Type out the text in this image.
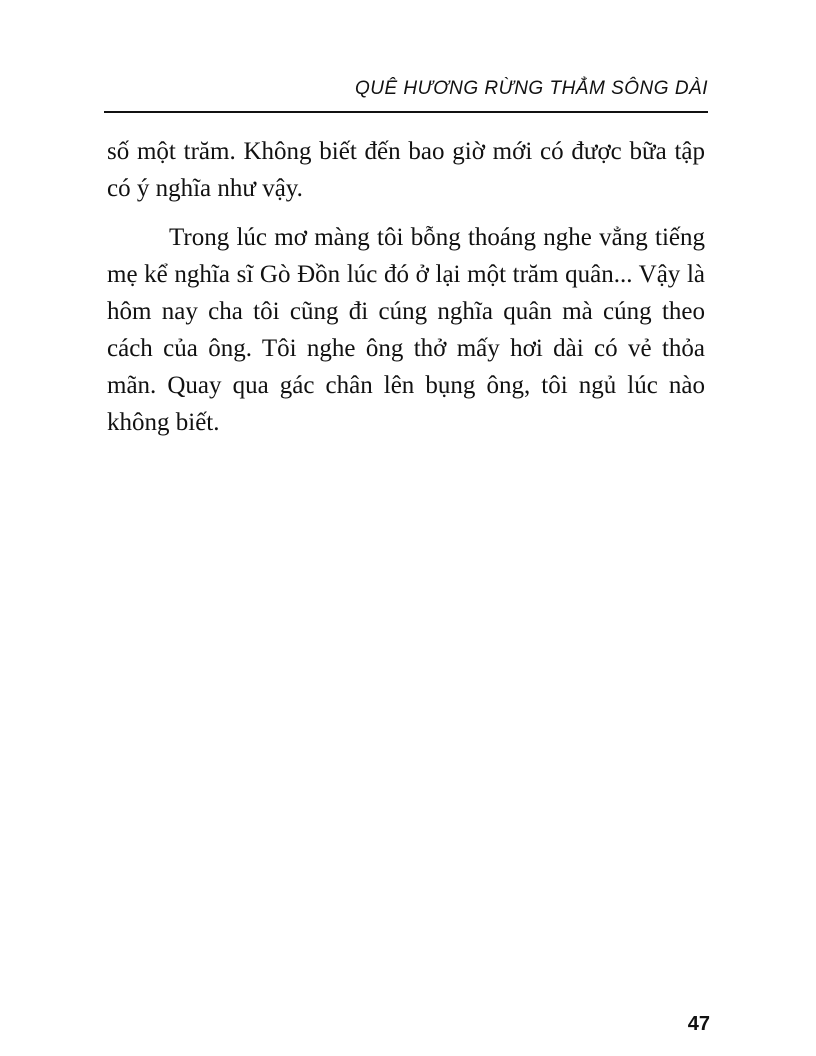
QUÊ HƯƠNG RỪNG THẲM SÔNG DÀI

số một trăm. Không biết đến bao giờ mới có được bữa tập có ý nghĩa như vậy.

Trong lúc mơ màng tôi bỗng thoáng nghe vẳng tiếng mẹ kể nghĩa sĩ Gò Đồn lúc đó ở lại một trăm quân... Vậy là hôm nay cha tôi cũng đi cúng nghĩa quân mà cúng theo cách của ông. Tôi nghe ông thở mấy hơi dài có vẻ thỏa mãn. Quay qua gác chân lên bụng ông, tôi ngủ lúc nào không biết.

47
